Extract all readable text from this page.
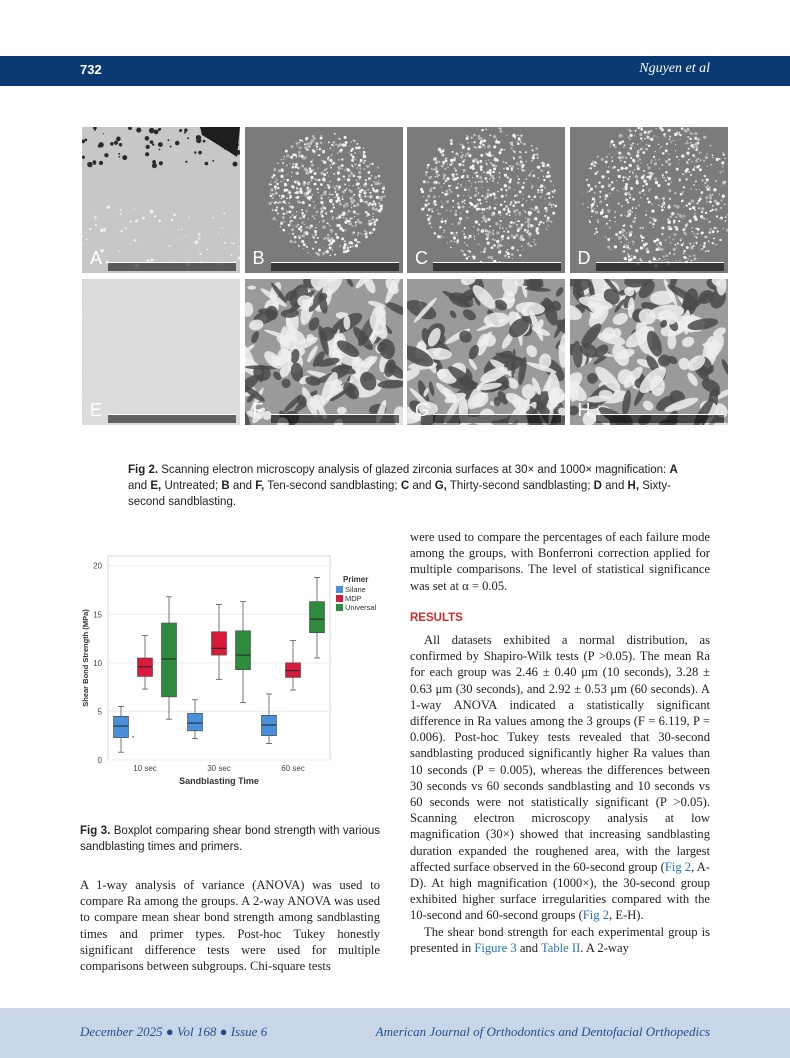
732	Nguyen et al
A	B	C	D
E	F	G	H
Fig 2. Scanning electron microscopy analysis of glazed zirconia surfaces at 30× and 1000× magnification: A and E, Untreated; B and F, Ten-second sandblasting; C and G, Thirty-second sandblasting; D and H, Sixty-second sandblasting.
0
5
10
15
20
10 sec	30 sec	60 sec
Sandblasting Time
Shear Bond Strength (MPa)
Primer
Silane
MDP
Universal
Fig 3. Boxplot comparing shear bond strength with various sandblasting times and primers.

A 1-way analysis of variance (ANOVA) was used to compare Ra among the groups. A 2-way ANOVA was used to compare mean shear bond strength among sandblasting times and primer types. Post-hoc Tukey honestly significant difference tests were used for multiple comparisons between subgroups. Chi-square tests

were used to compare the percentages of each failure mode among the groups, with Bonferroni correction applied for multiple comparisons. The level of statistical significance was set at α = 0.05.

RESULTS

All datasets exhibited a normal distribution, as confirmed by Shapiro-Wilk tests (P >0.05). The mean Ra for each group was 2.46 ± 0.40 μm (10 seconds), 3.28 ± 0.63 μm (30 seconds), and 2.92 ± 0.53 μm (60 seconds). A 1-way ANOVA indicated a statistically significant difference in Ra values among the 3 groups (F = 6.119, P = 0.006). Post-hoc Tukey tests revealed that 30-second sandblasting produced significantly higher Ra values than 10 seconds (P = 0.005), whereas the differences between 30 seconds vs 60 seconds sandblasting and 10 seconds vs 60 seconds were not statistically significant (P >0.05). Scanning electron microscopy analysis at low magnification (30×) showed that increasing sandblasting duration expanded the roughened area, with the largest affected surface observed in the 60-second group (Fig 2, A-D). At high magnification (1000×), the 30-second group exhibited higher surface irregularities compared with the 10-second and 60-second groups (Fig 2, E-H).

The shear bond strength for each experimental group is presented in Figure 3 and Table II. A 2-way

December 2025 ● Vol 168 ● Issue 6	American Journal of Orthodontics and Dentofacial Orthopedics
